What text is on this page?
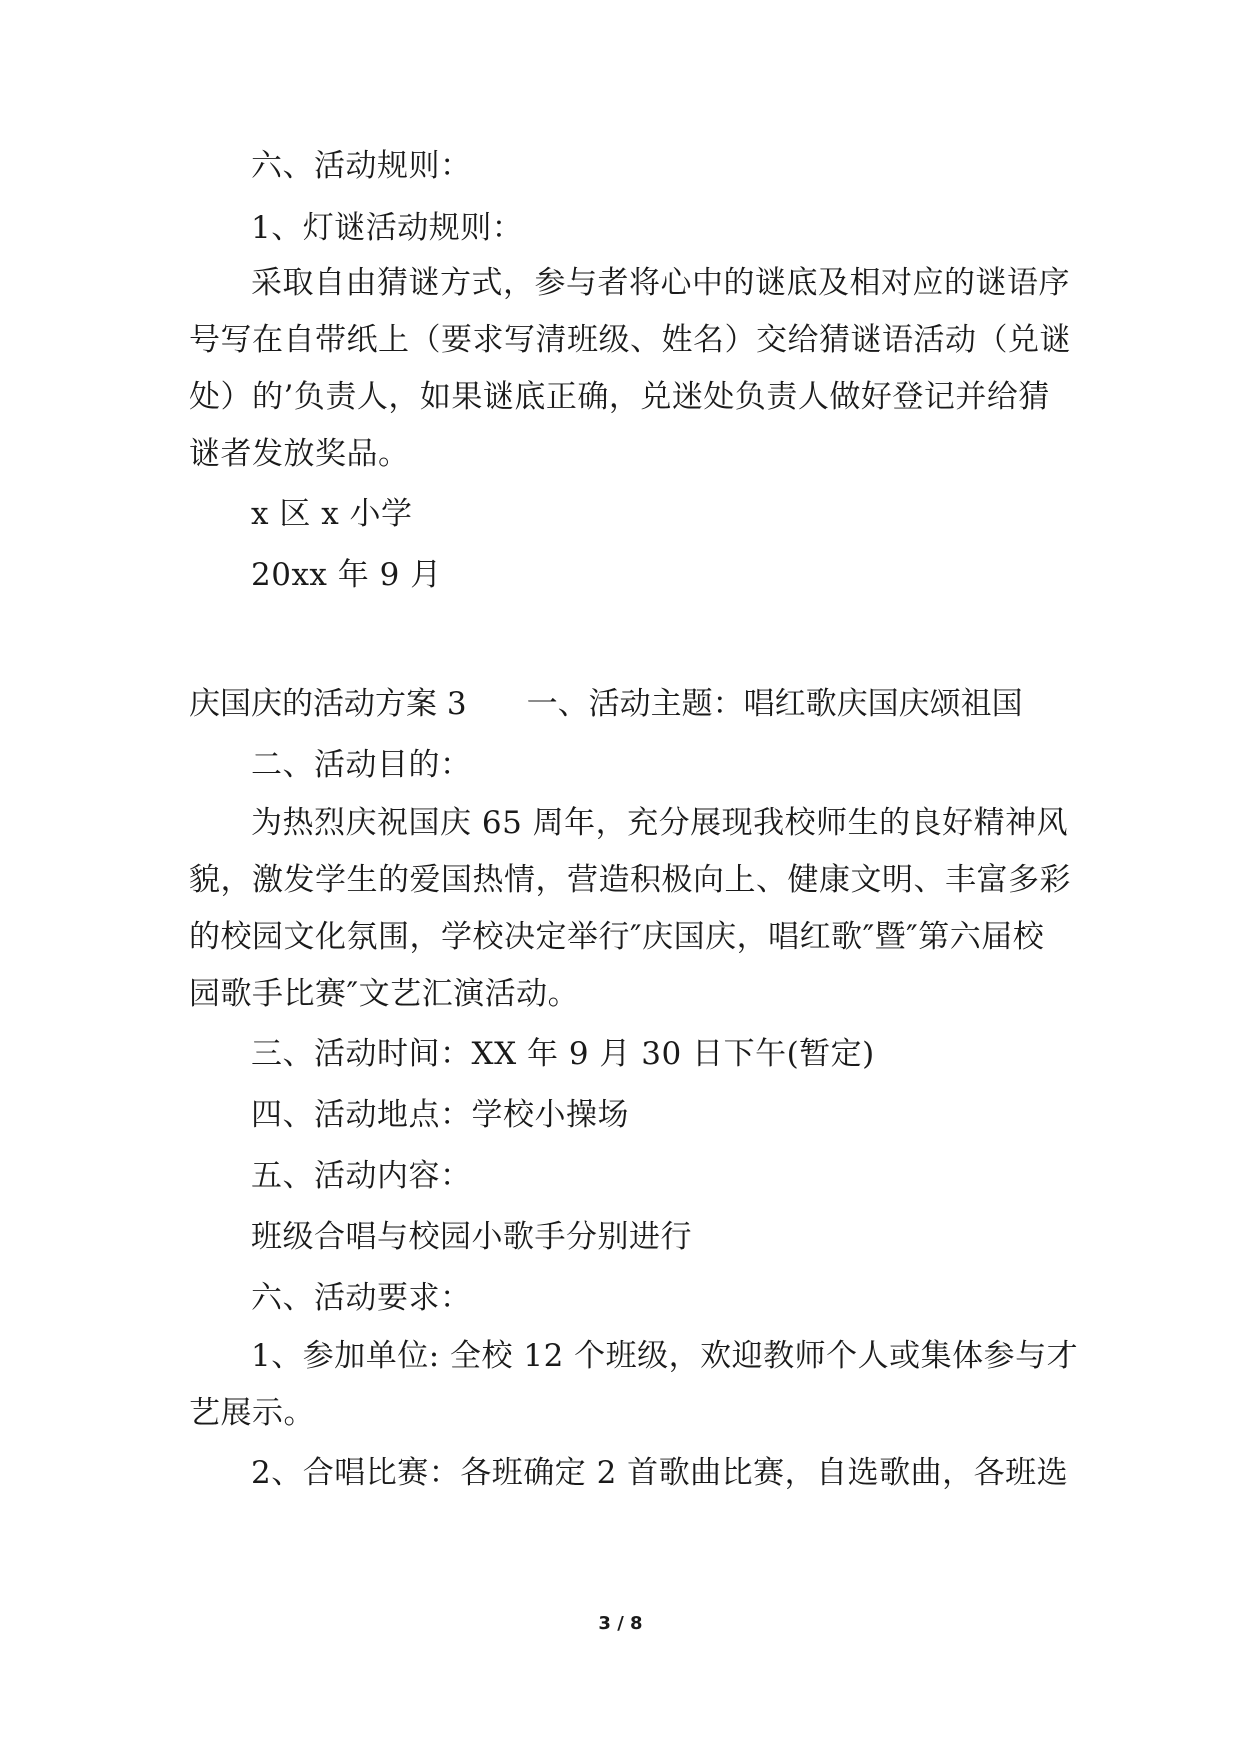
六、活动规则：
1、灯谜活动规则：
采取自由猜谜方式，参与者将心中的谜底及相对应的谜语序
号写在自带纸上（要求写清班级、姓名）交给猜谜语活动（兑谜
处）的’负责人，如果谜底正确，兑迷处负责人做好登记并给猜
谜者发放奖品。
x 区 x 小学
20xx 年 9 月
庆国庆的活动方案 3 一、活动主题：唱红歌庆国庆颂祖国
二、活动目的：
为热烈庆祝国庆 65 周年，充分展现我校师生的良好精神风
貌，激发学生的爱国热情，营造积极向上、健康文明、丰富多彩
的校园文化氛围，学校决定举行″庆国庆，唱红歌″暨″第六届校
园歌手比赛″文艺汇演活动。
三、活动时间：XX 年 9 月 30 日下午(暂定)
四、活动地点：学校小操场
五、活动内容：
班级合唱与校园小歌手分别进行
六、活动要求：
1、参加单位: 全校 12 个班级，欢迎教师个人或集体参与才
艺展示。
2、合唱比赛：各班确定 2 首歌曲比赛，自选歌曲，各班选
3 / 8
